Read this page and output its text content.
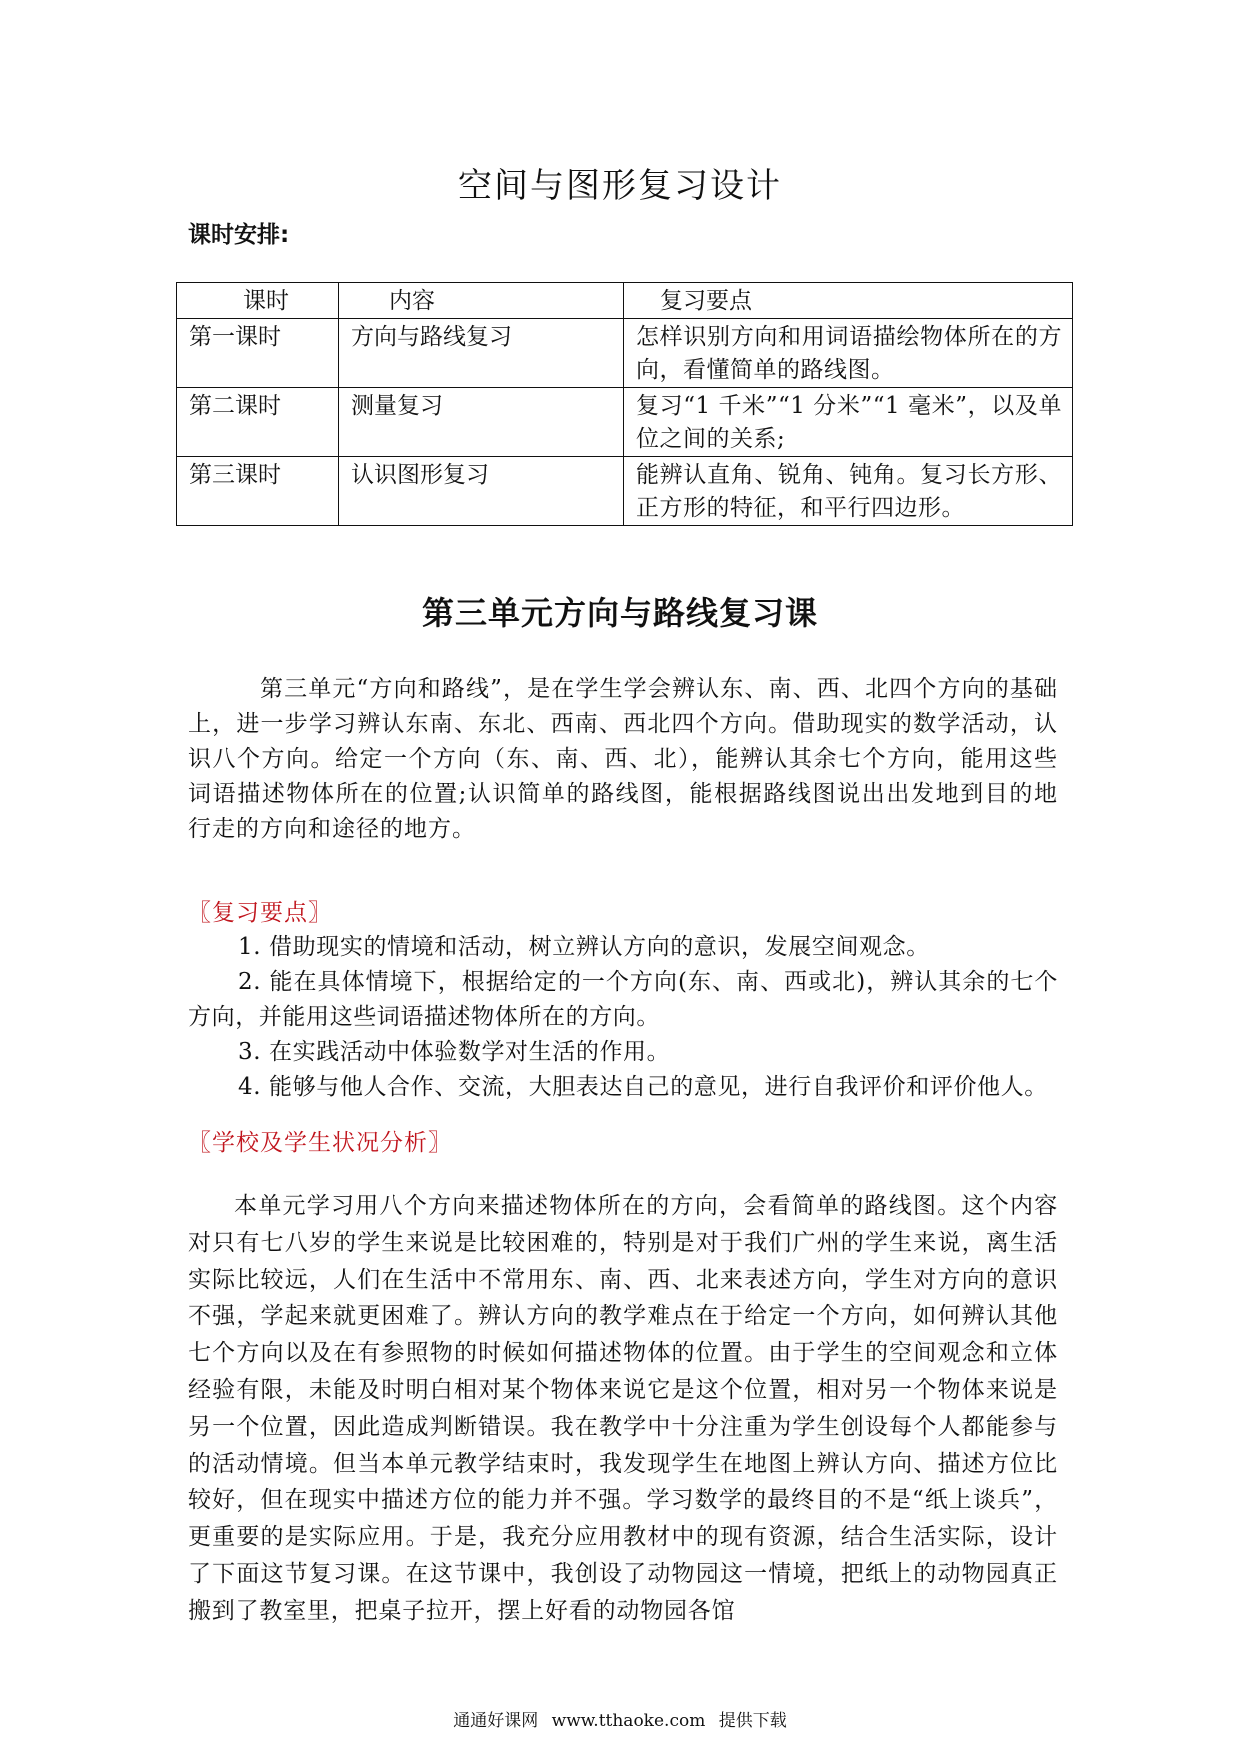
空间与图形复习设计
课时安排:
课时	内容	复习要点
第一课时	方向与路线复习	怎样识别方向和用词语描绘物体所在的方向，看懂简单的路线图。
第二课时	测量复习	复习“1 千米”“1 分米”“1 毫米”，以及单位之间的关系;
第三课时	认识图形复习	能辨认直角、锐角、钝角。复习长方形、正方形的特征，和平行四边形。
第三单元方向与路线复习课
第三单元“方向和路线”，是在学生学会辨认东、南、西、北四个方向的基础上，进一步学习辨认东南、东北、西南、西北四个方向。借助现实的数学活动，认识八个方向。给定一个方向（东、南、西、北），能辨认其余七个方向，能用这些词语描述物体所在的位置;认识简单的路线图，能根据路线图说出出发地到目的地行走的方向和途径的地方。
〖复习要点〗
1. 借助现实的情境和活动，树立辨认方向的意识，发展空间观念。
2. 能在具体情境下，根据给定的一个方向(东、南、西或北)，辨认其余的七个方向，并能用这些词语描述物体所在的方向。
3. 在实践活动中体验数学对生活的作用。
4. 能够与他人合作、交流，大胆表达自己的意见，进行自我评价和评价他人。
〖学校及学生状况分析〗
本单元学习用八个方向来描述物体所在的方向，会看简单的路线图。这个内容对只有七八岁的学生来说是比较困难的，特别是对于我们广州的学生来说，离生活实际比较远，人们在生活中不常用东、南、西、北来表述方向，学生对方向的意识不强，学起来就更困难了。辨认方向的教学难点在于给定一个方向，如何辨认其他七个方向以及在有参照物的时候如何描述物体的位置。由于学生的空间观念和立体经验有限，未能及时明白相对某个物体来说它是这个位置，相对另一个物体来说是另一个位置，因此造成判断错误。我在教学中十分注重为学生创设每个人都能参与的活动情境。但当本单元教学结束时，我发现学生在地图上辨认方向、描述方位比较好，但在现实中描述方位的能力并不强。学习数学的最终目的不是“纸上谈兵”，更重要的是实际应用。于是，我充分应用教材中的现有资源，结合生活实际，设计了下面这节复习课。在这节课中，我创设了动物园这一情境，把纸上的动物园真正搬到了教室里，把桌子拉开，摆上好看的动物园各馆
通通好课网 www.tthaoke.com 提供下载
